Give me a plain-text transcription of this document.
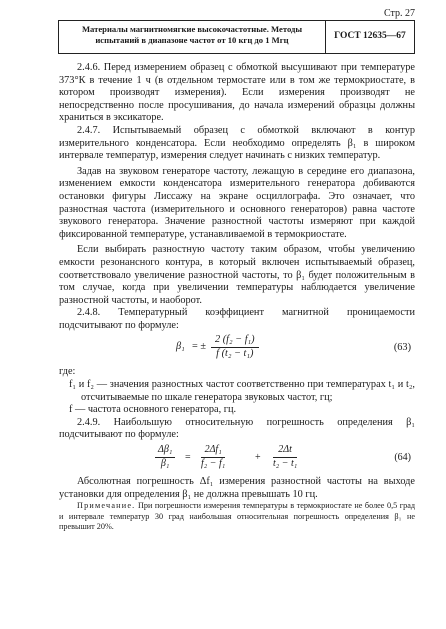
Стр. 27
Материалы магнитномягкие высокочастотные. Методы
испытаний в диапазоне частот от 10 кгц до 1 Мгц	ГОСТ 12635—67

2.4.6. Перед измерением образец с обмоткой высушивают при температуре 373°К в течение 1 ч (в отдельном термостате или в том же термокриостате, в котором производят измерения). Если измерения производят не непосредственно после просушивания, до начала измерений образцы должны храниться в эксикаторе.

2.4.7. Испытываемый образец с обмоткой включают в контур измерительного конденсатора. Если необходимо определять β₁ в широком интервале температур, измерения следует начинать с низких температур.

Задав на звуковом генераторе частоту, лежащую в середине его диапазона, изменением емкости конденсатора измерительного генератора добиваются остановки фигуры Лиссажу на экране осциллографа. Это означает, что разностная частота (измерительного и основного генераторов) равна частоте звукового генератора. Значение разностной частоты измеряют при каждой фиксированной температуре, устанавливаемой в термокриостате.

Если выбирать разностную частоту таким образом, чтобы увеличению емкости резонансного контура, в который включен испытываемый образец, соответствовало увеличение разностной частоты, то β₁ будет положительным в том случае, когда при увеличении температуры наблюдается увеличение разностной частоты, и наоборот.

2.4.8. Температурный коэффициент магнитной проницаемости подсчитывают по формуле:

β₁ = ± $\frac{\text{2 (f₂ − f₁)}}{\text{f (t₂ − t₁)}}$	(63)

где:

f₁ и f₂ — значения разностных частот соответственно при температурах t₁ и t₂, отсчитываемые по шкале генератора звуковых частот, гц;

f — частота основного генератора, гц.

2.4.9. Наибольшую относительную погрешность определения β₁ подсчитывают по формуле:

$\frac{\text{Δβ₁}}{\text{β₁}} = \frac{\text{2Δf₁}}{\text{f₂ − f₁}}$	+ $\frac{2\Delta t}{\text{t₂ − t₁}}$	(64)

Абсолютная погрешность Δf₁ измерения разностной частоты на выходе установки для определения β₁ не должна превышать 10 гц.

Примечание. При погрешности измерения температуры в термокриостате не более 0,5 град и интервале температур 30 град наибольшая относительная погрешность определения β₁ не превышит 20%.
